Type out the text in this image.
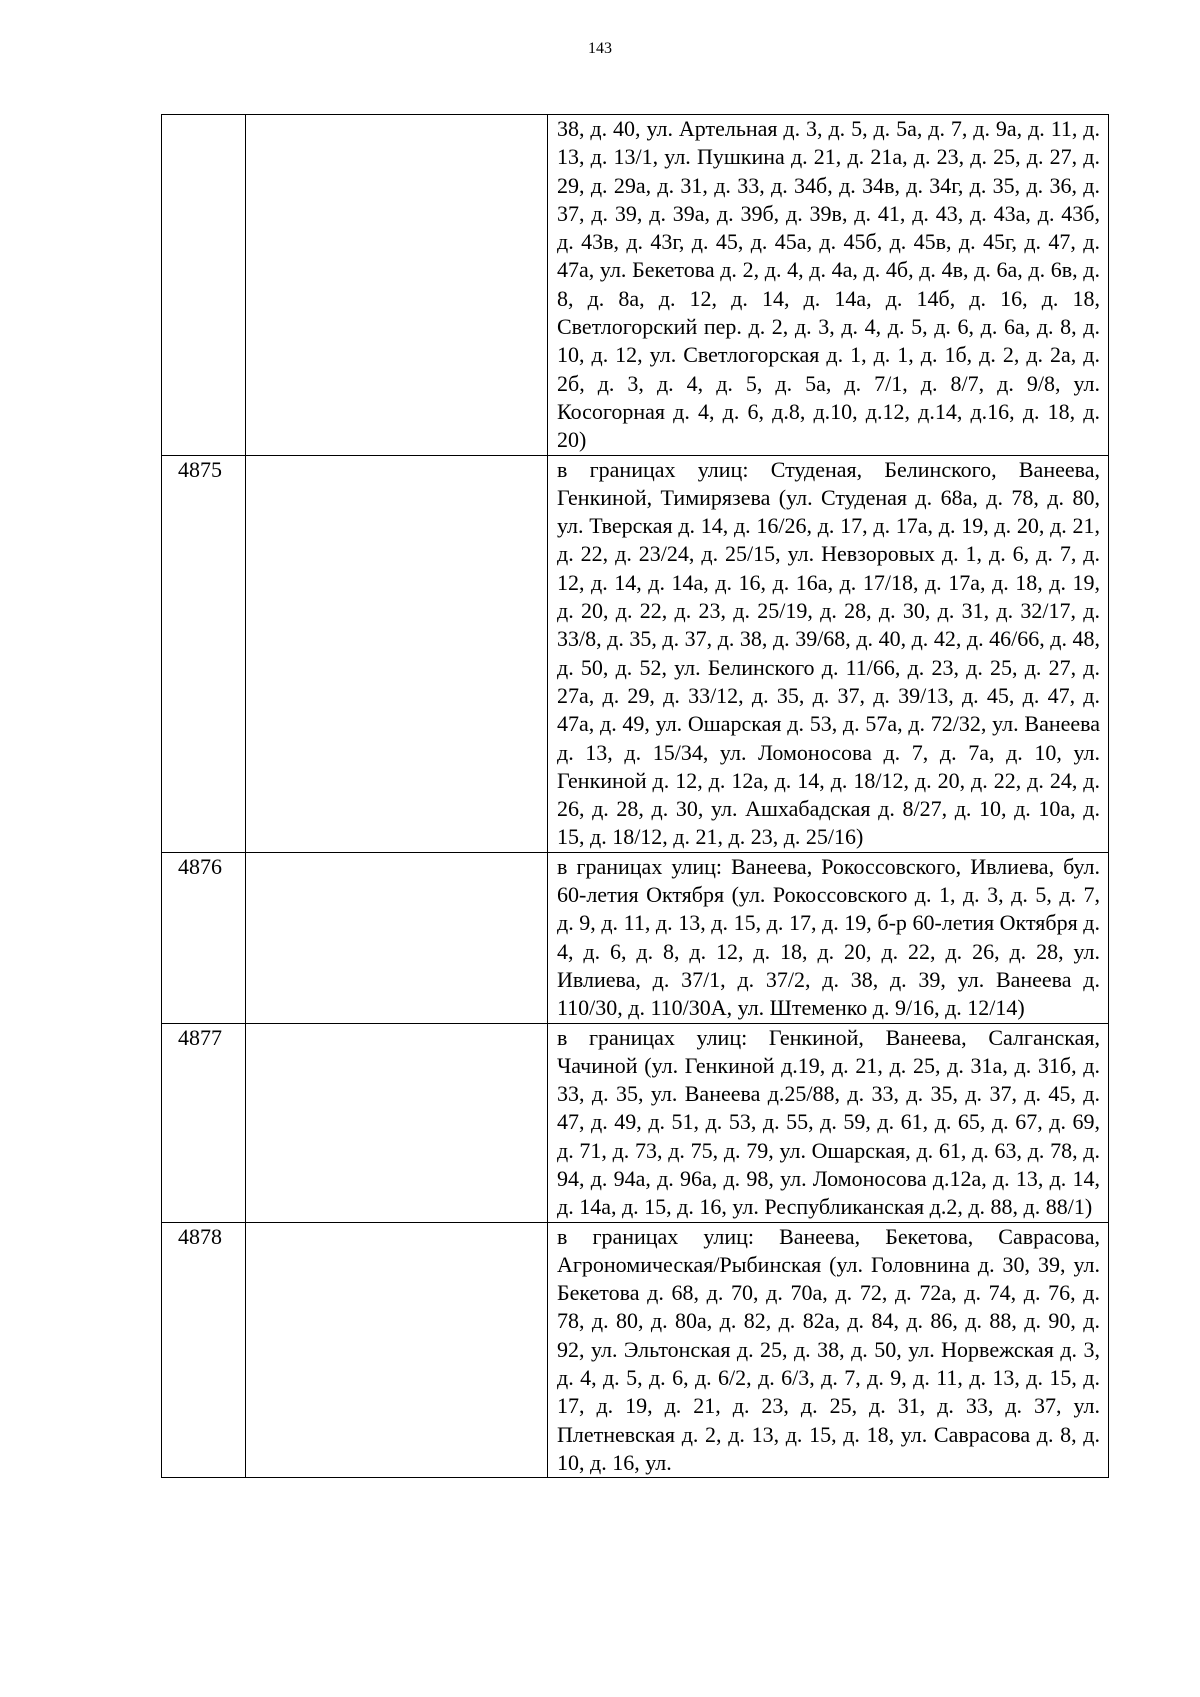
143
		38, д. 40, ул. Артельная д. 3, д. 5, д. 5а, д. 7, д. 9а, д. 11, д. 13, д. 13/1, ул. Пушкина д. 21, д. 21а, д. 23, д. 25, д. 27, д. 29, д. 29а, д. 31, д. 33, д. 34б, д. 34в, д. 34г, д. 35, д. 36, д. 37, д. 39, д. 39а, д. 39б, д. 39в, д. 41, д. 43, д. 43а, д. 43б, д. 43в, д. 43г, д. 45, д. 45а, д. 45б, д. 45в, д. 45г, д. 47, д. 47а, ул. Бекетова д. 2, д. 4, д. 4а, д. 4б, д. 4в, д. 6а, д. 6в, д. 8, д. 8а, д. 12, д. 14, д. 14а, д. 14б, д. 16, д. 18, Светлогорский пер. д. 2, д. 3, д. 4, д. 5, д. 6, д. 6а, д. 8, д. 10, д. 12, ул. Светлогорская д. 1, д. 1, д. 1б, д. 2, д. 2а, д. 2б, д. 3, д. 4, д. 5, д. 5а, д. 7/1, д. 8/7, д. 9/8, ул. Косогорная д. 4, д. 6, д.8, д.10, д.12, д.14, д.16, д. 18, д. 20)
4875		в границах улиц: Студеная, Белинского, Ванеева, Генкиной, Тимирязева (ул. Студеная д. 68а, д. 78, д. 80, ул. Тверская д. 14, д. 16/26, д. 17, д. 17а, д. 19, д. 20, д. 21, д. 22, д. 23/24, д. 25/15, ул. Невзоровых д. 1, д. 6, д. 7, д. 12, д. 14, д. 14а, д. 16, д. 16а, д. 17/18, д. 17а, д. 18, д. 19, д. 20, д. 22, д. 23, д. 25/19, д. 28, д. 30, д. 31, д. 32/17, д. 33/8, д. 35, д. 37, д. 38, д. 39/68, д. 40, д. 42, д. 46/66, д. 48, д. 50, д. 52, ул. Белинского д. 11/66, д. 23, д. 25, д. 27, д. 27а, д. 29, д. 33/12, д. 35, д. 37, д. 39/13, д. 45, д. 47, д. 47а, д. 49, ул. Ошарская д. 53, д. 57а, д. 72/32, ул. Ванеева д. 13, д. 15/34, ул. Ломоносова д. 7, д. 7а, д. 10, ул. Генкиной д. 12, д. 12а, д. 14, д. 18/12, д. 20, д. 22, д. 24, д. 26, д. 28, д. 30, ул. Ашхабадская д. 8/27, д. 10, д. 10а, д. 15, д. 18/12, д. 21, д. 23, д. 25/16)
4876		в границах улиц: Ванеева, Рокоссовского, Ивлиева, бул. 60-летия Октября (ул. Рокоссовского д. 1, д. 3, д. 5, д. 7, д. 9, д. 11, д. 13, д. 15, д. 17, д. 19, б-р 60-летия Октября д. 4, д. 6, д. 8, д. 12, д. 18, д. 20, д. 22, д. 26, д. 28, ул. Ивлиева, д. 37/1, д. 37/2, д. 38, д. 39, ул. Ванеева д. 110/30, д. 110/30А, ул. Штеменко д. 9/16, д. 12/14)
4877		в границах улиц: Генкиной, Ванеева, Салганская, Чачиной (ул. Генкиной д.19, д. 21, д. 25, д. 31а, д. 31б, д. 33, д. 35, ул. Ванеева д.25/88, д. 33, д. 35, д. 37, д. 45, д. 47, д. 49, д. 51, д. 53, д. 55, д. 59, д. 61, д. 65, д. 67, д. 69, д. 71, д. 73, д. 75, д. 79, ул. Ошарская, д. 61, д. 63, д. 78, д. 94, д. 94а, д. 96а, д. 98, ул. Ломоносова д.12а, д. 13, д. 14, д. 14а, д. 15, д. 16, ул. Республиканская д.2, д. 88, д. 88/1)
4878		в границах улиц: Ванеева, Бекетова, Саврасова, Агрономическая/Рыбинская (ул. Головнина д. 30, 39, ул. Бекетова д. 68, д. 70, д. 70а, д. 72, д. 72а, д. 74, д. 76, д. 78, д. 80, д. 80а, д. 82, д. 82а, д. 84, д. 86, д. 88, д. 90, д. 92, ул. Эльтонская д. 25, д. 38, д. 50, ул. Норвежская д. 3, д. 4, д. 5, д. 6, д. 6/2, д. 6/3, д. 7, д. 9, д. 11, д. 13, д. 15, д. 17, д. 19, д. 21, д. 23, д. 25, д. 31, д. 33, д. 37, ул. Плетневская д. 2, д. 13, д. 15, д. 18, ул. Саврасова д. 8, д. 10, д. 16, ул.
